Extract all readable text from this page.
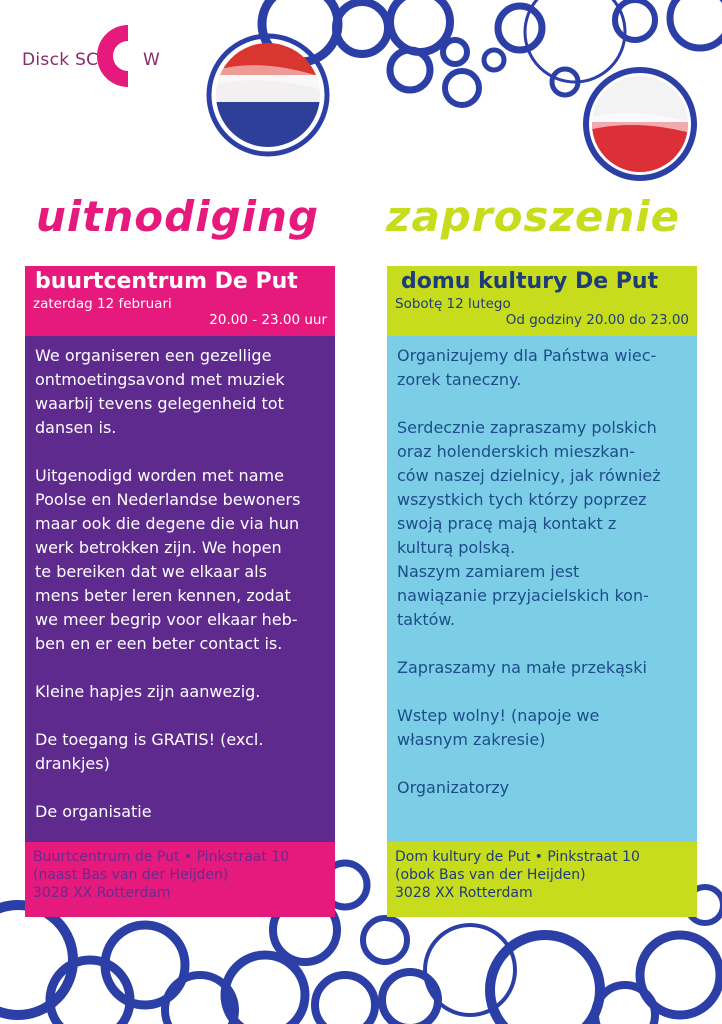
Disck SC & W
uitnodiging zaproszenie
buurtcentrum De Put
zaterdag 12 februari
20.00 - 23.00 uur

We organiseren een gezellige
ontmoetingsavond met muziek
waarbij tevens gelegenheid tot
dansen is.

Uitgenodigd worden met name
Poolse en Nederlandse bewoners
maar ook die degene die via hun
werk betrokken zijn. We hopen
te bereiken dat we elkaar als
mens beter leren kennen, zodat
we meer begrip voor elkaar heb-
ben en er een beter contact is.

Kleine hapjes zijn aanwezig.

De toegang is GRATIS! (excl.
drankjes)

De organisatie

Buurtcentrum de Put • Pinkstraat 10
(naast Bas van der Heijden)
3028 XX Rotterdam
domu kultury De Put
Sobotę 12 lutego
Od godziny 20.00 do 23.00

Organizujemy dla Państwa wiec-
zorek taneczny.

Serdecznie zapraszamy polskich
oraz holenderskich mieszkan-
ców naszej dzielnicy, jak również
wszystkich tych którzy poprzez
swoją pracę mają kontakt z
kulturą polską.
Naszym zamiarem jest
nawiązanie przyjacielskich kon-
taktów.

Zapraszamy na małe przekąski

Wstep wolny! (napoje we
własnym zakresie)

Organizatorzy

Dom kultury de Put • Pinkstraat 10
(obok Bas van der Heijden)
3028 XX Rotterdam
